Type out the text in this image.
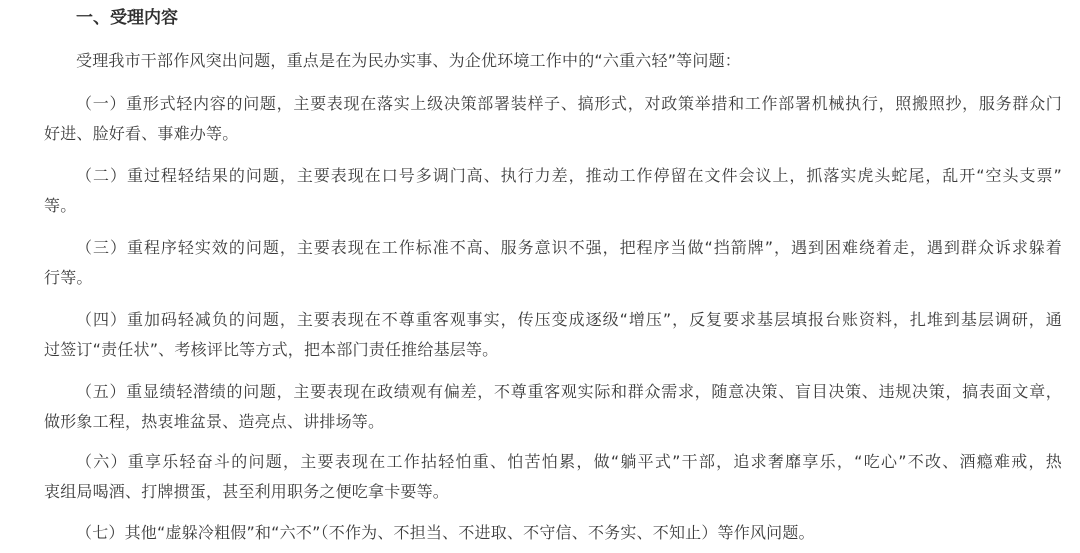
一、受理内容
受理我市干部作风突出问题，重点是在为民办实事、为企优环境工作中的“六重六轻”等问题：
（一）重形式轻内容的问题，主要表现在落实上级决策部署装样子、搞形式，对政策举措和工作部署机械执行，照搬照抄，服务群众门
好进、脸好看、事难办等。
（二）重过程轻结果的问题，主要表现在口号多调门高、执行力差，推动工作停留在文件会议上，抓落实虎头蛇尾，乱开“空头支票”
等。
（三）重程序轻实效的问题，主要表现在工作标准不高、服务意识不强，把程序当做“挡箭牌”，遇到困难绕着走，遇到群众诉求躲着
行等。
（四）重加码轻减负的问题，主要表现在不尊重客观事实，传压变成逐级“增压”，反复要求基层填报台账资料，扎堆到基层调研，通
过签订“责任状”、考核评比等方式，把本部门责任推给基层等。
（五）重显绩轻潜绩的问题，主要表现在政绩观有偏差，不尊重客观实际和群众需求，随意决策、盲目决策、违规决策，搞表面文章，
做形象工程，热衷堆盆景、造亮点、讲排场等。
（六）重享乐轻奋斗的问题，主要表现在工作拈轻怕重、怕苦怕累，做“躺平式”干部，追求奢靡享乐，“吃心”不改、酒瘾难戒，热
衷组局喝酒、打牌掼蛋，甚至利用职务之便吃拿卡要等。
（七）其他“虚躲冷粗假”和“六不”（不作为、不担当、不进取、不守信、不务实、不知止）等作风问题。
